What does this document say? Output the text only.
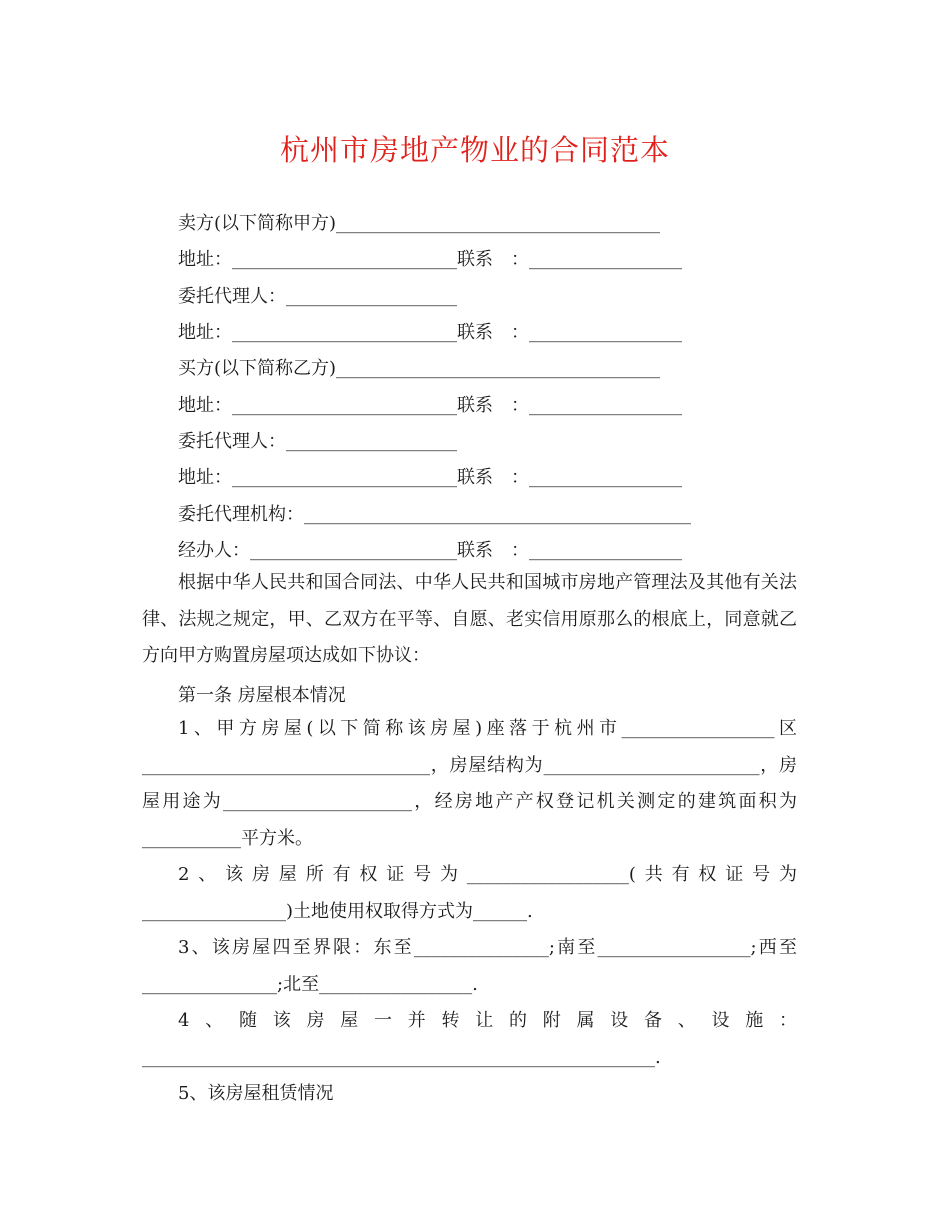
杭州市房地产物业的合同范本
卖方(以下简称甲方)____________________________________
地址：_________________________联系　：_________________
委托代理人：___________________
地址：_________________________联系　：_________________
买方(以下简称乙方)____________________________________
地址：_________________________联系　：_________________
委托代理人：___________________
地址：_________________________联系　：_________________
委托代理机构：___________________________________________
经办人：_______________________联系　：_________________
根据中华人民共和国合同法、中华人民共和国城市房地产管理法及其他有关法律、法规之规定，甲、乙双方在平等、自愿、老实信用原那么的根底上，同意就乙方向甲方购置房屋项达成如下协议：
第一条 房屋根本情况
1、甲方房屋(以下简称该房屋)座落于杭州市_________________区________________________________，房屋结构为________________________，房屋用途为_____________________，经房地产产权登记机关测定的建筑面积为___________平方米。
2、该房屋所有权证号为__________________(共有权证号为________________)土地使用权取得方式为______.
3、该房屋四至界限：东至_______________;南至_________________;西至_______________;北至_________________.
4、随该房屋一并转让的附属设备、设施：_________________________________________________________.
5、该房屋租赁情况
